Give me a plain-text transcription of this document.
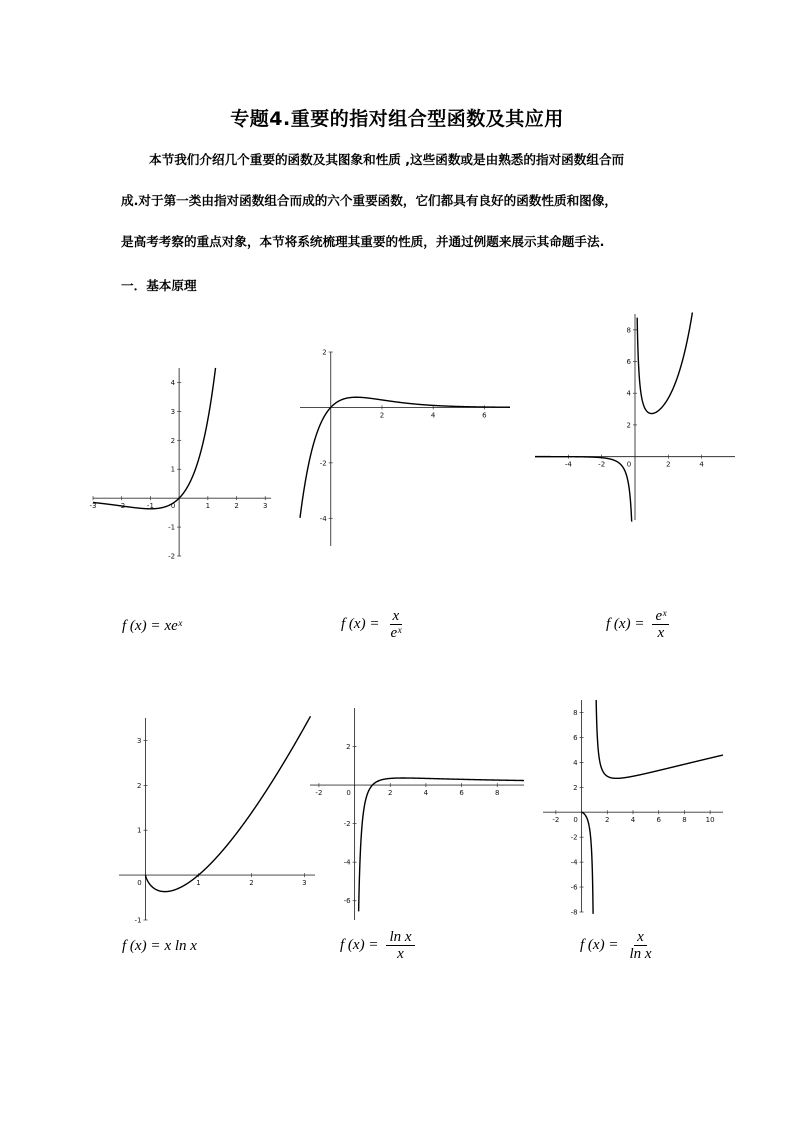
专题4.重要的指对组合型函数及其应用
本节我们介绍几个重要的函数及其图象和性质 ,这些函数或是由熟悉的指对函数组合而
成.对于第一类由指对函数组合而成的六个重要函数，它们都具有良好的函数性质和图像，
是高考考察的重点对象，本节将系统梳理其重要的性质，并通过例题来展示其命题手法.
一．基本原理
-1
-3	-2	0	1	2	3
4
3
2
1
-1
-2
2	4	6
2
-2
-4
-4	-2	0	2	4
8
6
4
2
0	1	2	3
3
2
1
-1
-2	0	2	4	6	8
2
-2
-4
-6
-2 0	2	4	6	8	10
8
6
4
2
-2
-4
-6
-8
f (x) = xeˣ	f $(x) = \frac{x}{\text{eˣ}}$	f $(x) = \frac{\text{eˣ}}{x}$
f (x) = x ln x	f $(x) = \frac{\text{ln x}}{x}$	f $(x) = \frac{x}{\text{ln x}}$
